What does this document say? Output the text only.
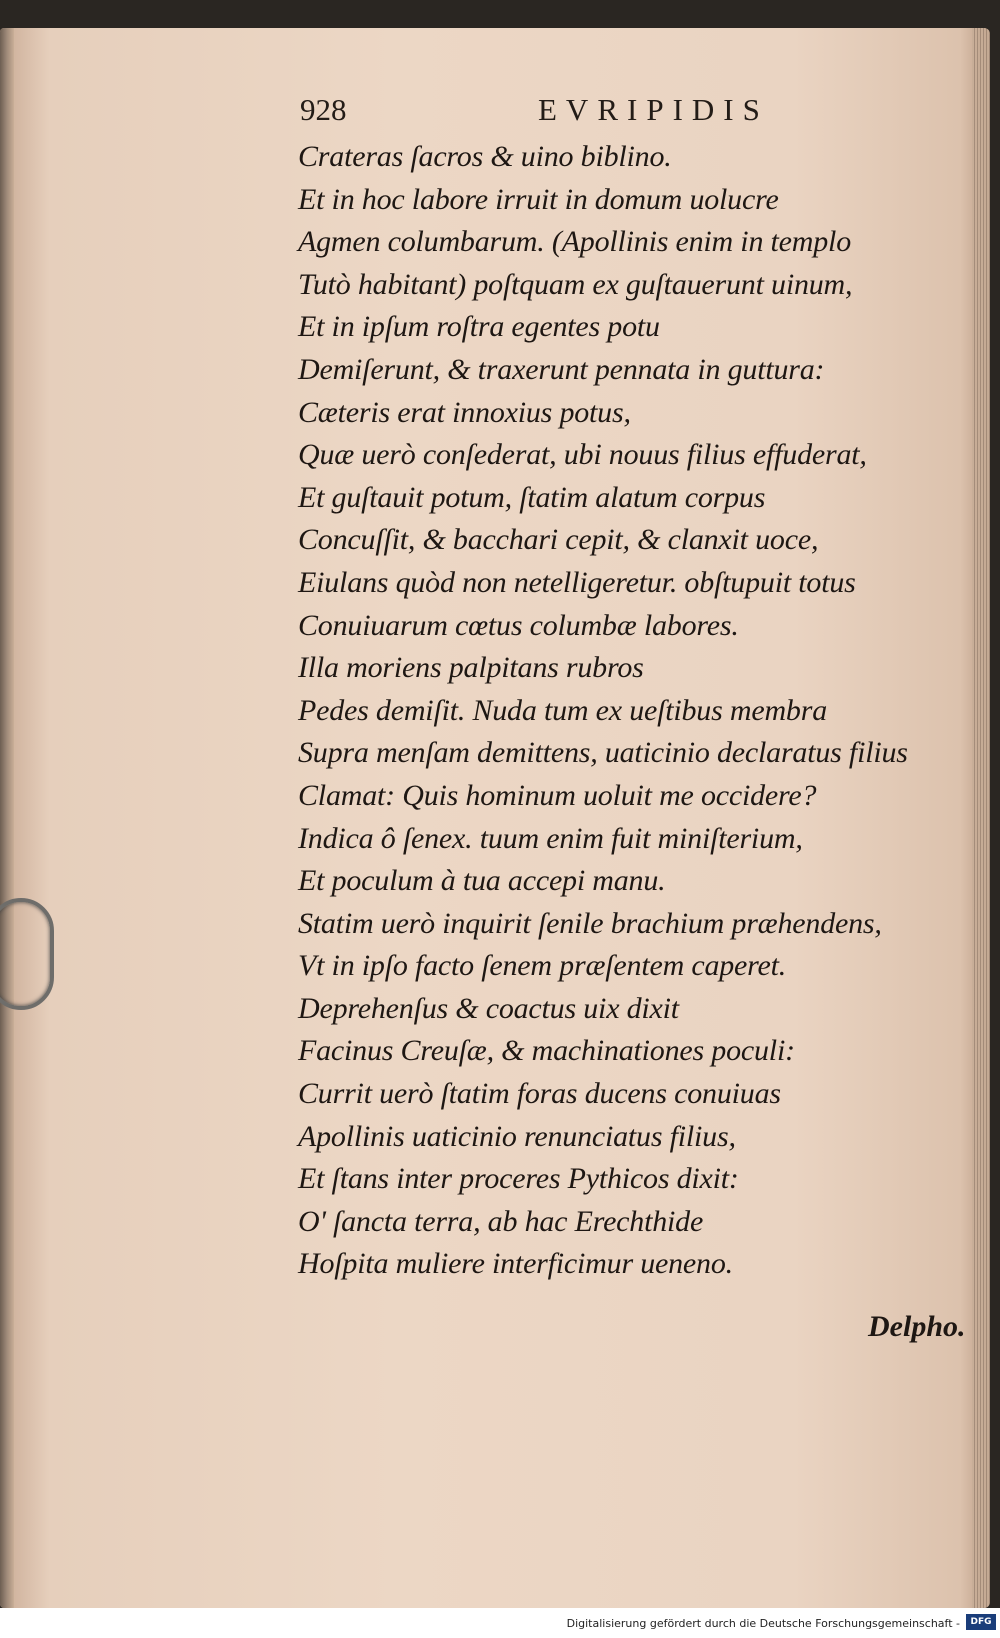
928	EVRIPIDIS
Crateras ſacros & uino biblino.
Et in hoc labore irruit in domum uolucre
Agmen columbarum. (Apollinis enim in templo
Tutò habitant) poſtquam ex guſtauerunt uinum,
Et in ipſum roſtra egentes potu
Demiſerunt, & traxerunt pennata in guttura:
Cæteris erat innoxius potus,
Quæ uerò conſederat, ubi nouus filius effuderat,
Et guſtauit potum, ſtatim alatum corpus
Concuſſit, & bacchari cepit, & clanxit uoce,
Eiulans quòd non netelligeretur. obſtupuit totus
Conuiuarum cœtus columbæ labores.
Illa moriens palpitans rubros
Pedes demiſit. Nuda tum ex ueſtibus membra
Supra menſam demittens, uaticinio declaratus filius
Clamat: Quis hominum uoluit me occidere?
Indica ô ſenex. tuum enim fuit miniſterium,
Et poculum à tua accepi manu.
Statim uerò inquirit ſenile brachium præhendens,
Vt in ipſo facto ſenem præſentem caperet.
Deprehenſus & coactus uix dixit
Facinus Creuſæ, & machinationes poculi:
Currit uerò ſtatim foras ducens conuiuas
Apollinis uaticinio renunciatus filius,
Et ſtans inter proceres Pythicos dixit:
O' ſancta terra, ab hac Erechthide
Hoſpita muliere interficimur ueneno.
Delpho.
Digitalisierung gefördert durch die Deutsche Forschungsgemeinschaft -	DFG
